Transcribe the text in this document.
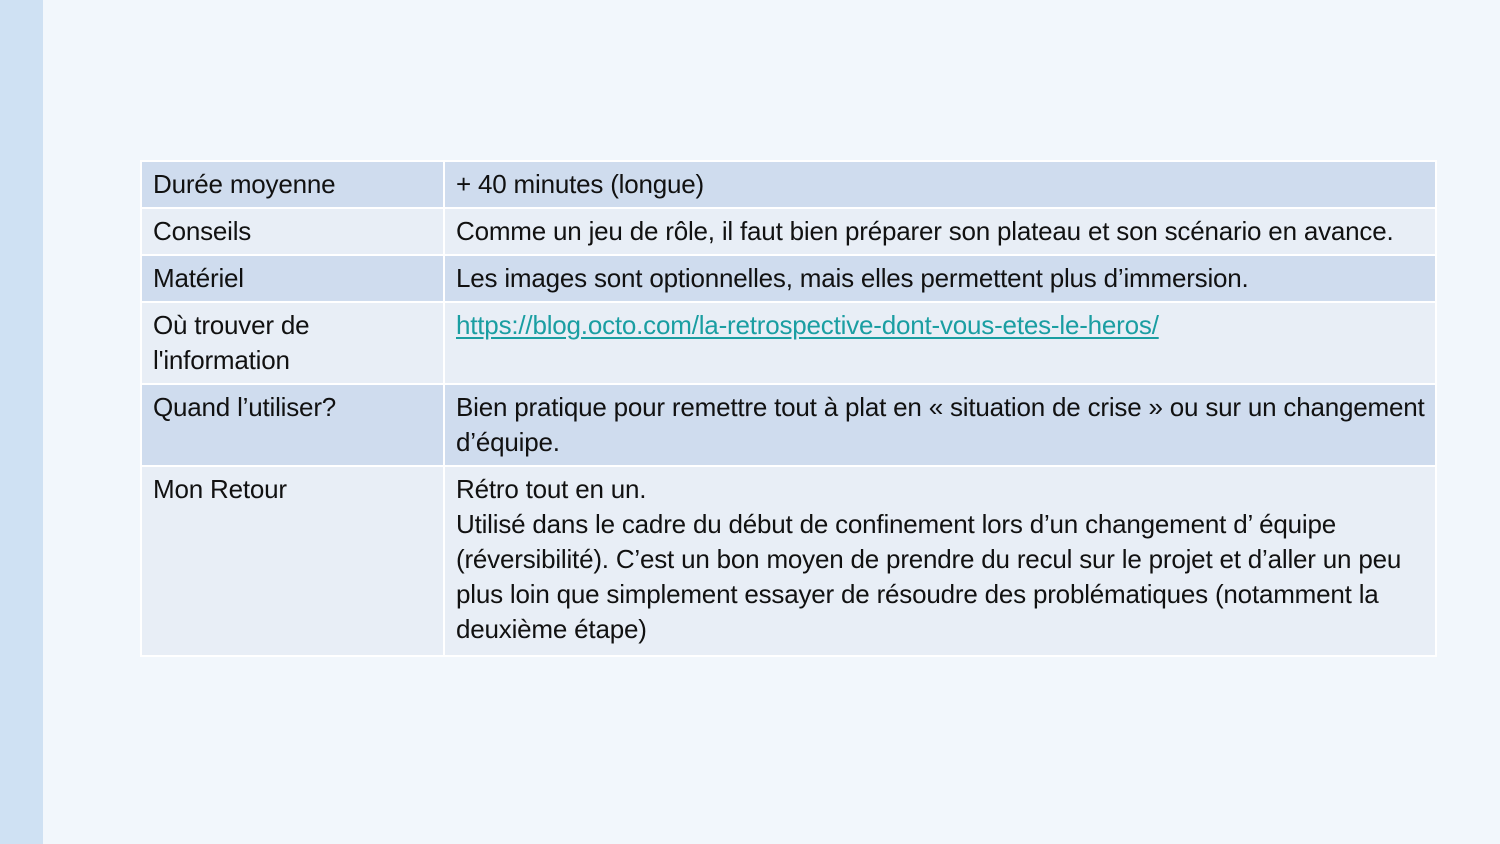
Durée moyenne	+ 40 minutes (longue)
Conseils	Comme un jeu de rôle, il faut bien préparer son plateau et son scénario en avance.
Matériel	Les images sont optionnelles, mais elles permettent plus d’immersion.
Où trouver de l'information	https://blog.octo.com/la-retrospective-dont-vous-etes-le-heros/
Quand l’utiliser?	Bien pratique pour remettre tout à plat en « situation de crise » ou sur un changement d’équipe.
Mon Retour	Rétro tout en un.
Utilisé dans le cadre du début de confinement lors d’un changement d’ équipe (réversibilité). C’est un bon moyen de prendre du recul sur le projet et d’aller un peu plus loin que simplement essayer de résoudre des problématiques (notamment la deuxième étape)
